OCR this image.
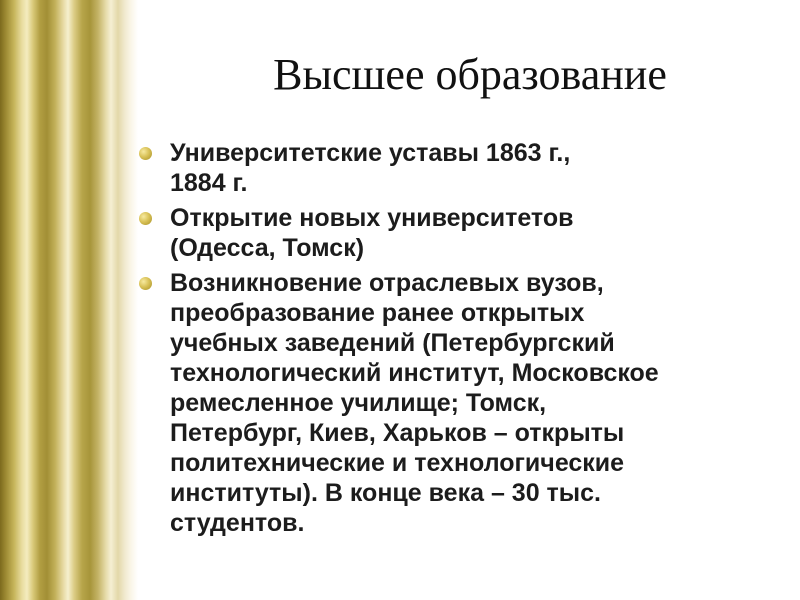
Высшее образование
Университетские уставы 1863 г.,
1884 г.
Открытие новых университетов
(Одесса, Томск)
Возникновение отраслевых вузов,
преобразование ранее открытых
учебных заведений (Петербургский
технологический институт, Московское
ремесленное училище; Томск,
Петербург, Киев, Харьков – открыты
политехнические и технологические
институты). В конце века – 30 тыс.
студентов.
